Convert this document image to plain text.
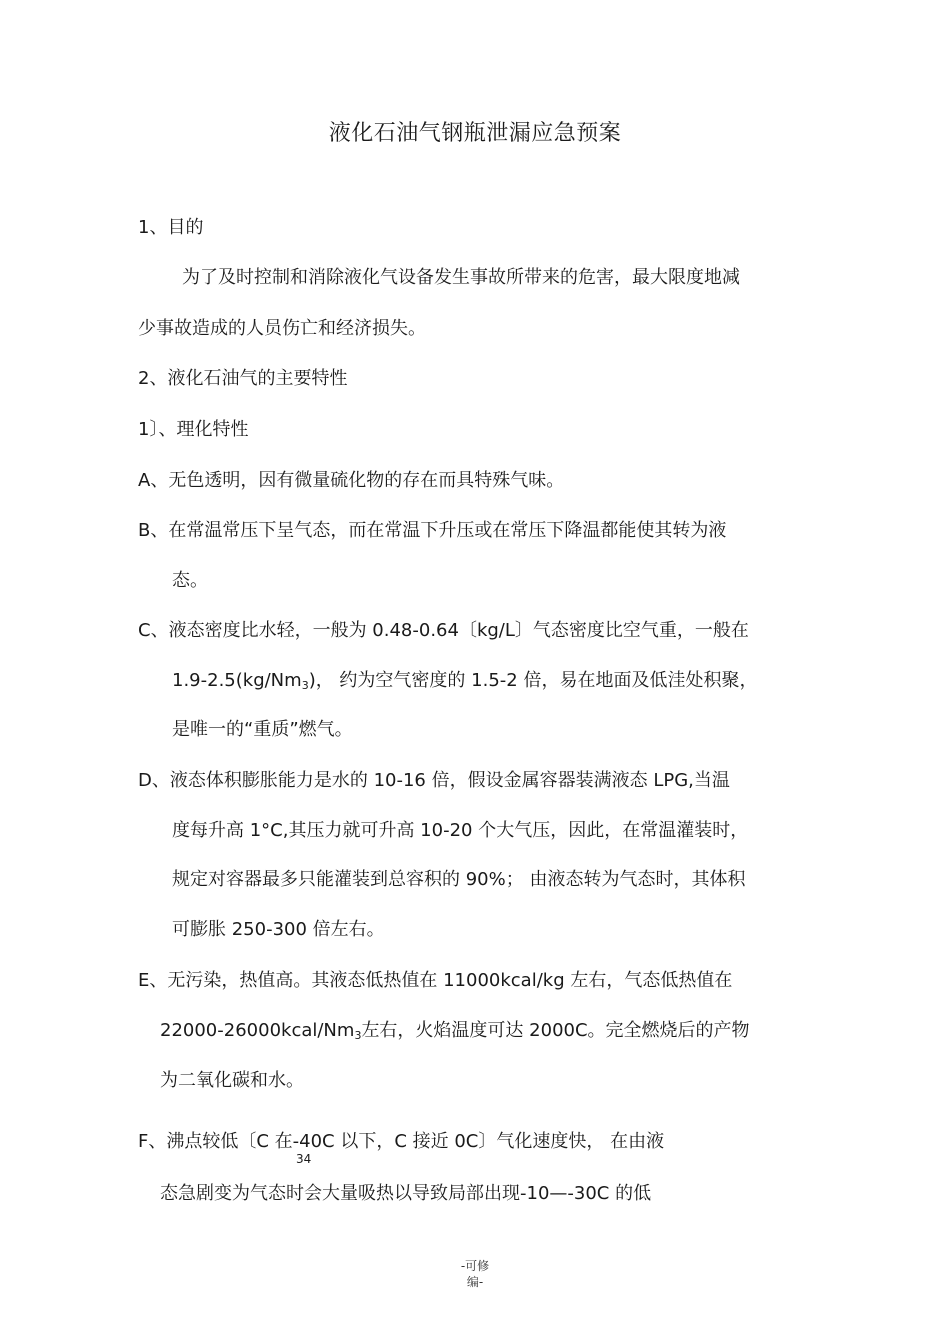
液化石油气钢瓶泄漏应急预案
1、目的
为了及时控制和消除液化气设备发生事故所带来的危害，最大限度地减
少事故造成的人员伤亡和经济损失。
2、液化石油气的主要特性
1〕、理化特性
A、无色透明，因有微量硫化物的存在而具特殊气味。
B、在常温常压下呈气态，而在常温下升压或在常压下降温都能使其转为液
态。
C、液态密度比水轻，一般为 0.48-0.64〔kg/L〕气态密度比空气重，一般在
$1.9-2.5(kg/Nm_3)$， 约为空气密度的 1.5-2 倍，易在地面及低洼处积聚，
是唯一的“重质”燃气。
D、液态体积膨胀能力是水的 10-16 倍，假设金属容器装满液态 LPG,当温
度每升高 1°C,其压力就可升高 10-20 个大气压，因此，在常温灌装时，
规定对容器最多只能灌装到总容积的 90%； 由液态转为气态时，其体积
可膨胀 250-300 倍左右。
E、无污染，热值高。其液态低热值在 11000kcal/kg 左右，气态低热值在
$22000-26000kcal/Nm_3$左右，火焰温度可达 2000C。完全燃烧后的产物
为二氧化碳和水。
F、沸点较低〔C 在-40C 以下，C 接近 0C〕气化速度快， 在由液
34
态急剧变为气态时会大量吸热以导致局部出现-10—-30C 的低
-可修
编-
